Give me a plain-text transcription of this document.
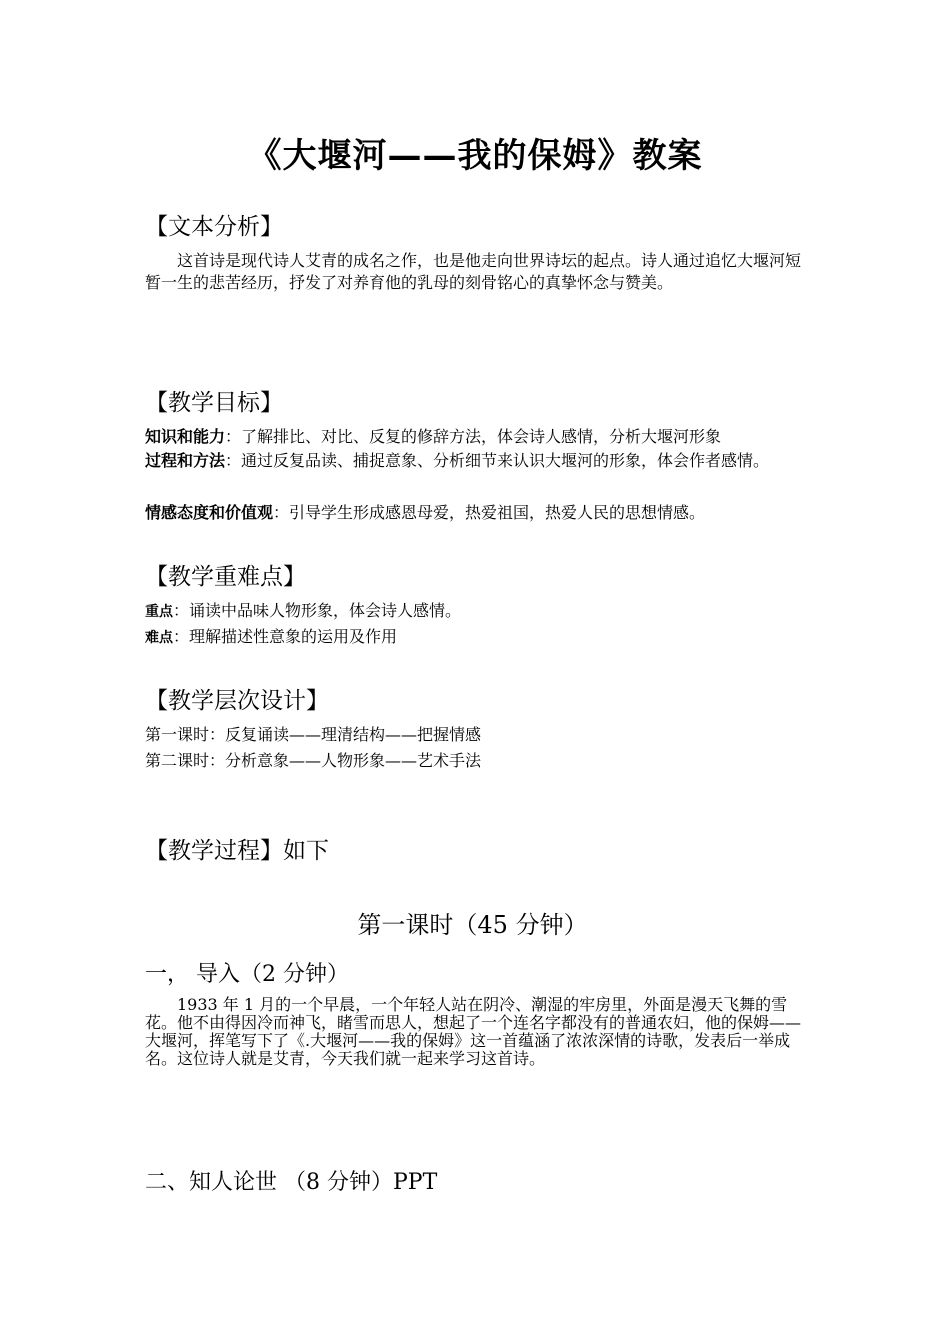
《大堰河——我的保姆》教案
【文本分析】

这首诗是现代诗人艾青的成名之作，也是他走向世界诗坛的起点。诗人通过追忆大堰河短暂一生的悲苦经历，抒发了对养育他的乳母的刻骨铭心的真挚怀念与赞美。

【教学目标】
知识和能力：了解排比、对比、反复的修辞方法，体会诗人感情，分析大堰河形象
过程和方法：通过反复品读、捕捉意象、分析细节来认识大堰河的形象，体会作者感情。
情感态度和价值观：引导学生形成感恩母爱，热爱祖国，热爱人民的思想情感。
【教学重难点】
重点：诵读中品味人物形象，体会诗人感情。
难点：理解描述性意象的运用及作用
【教学层次设计】
第一课时：反复诵读——理清结构——把握情感
第二课时：分析意象——人物形象——艺术手法
【教学过程】如下
第一课时（45 分钟）
一， 导入（2 分钟）

1933 年 1 月的一个早晨，一个年轻人站在阴冷、潮湿的牢房里，外面是漫天飞舞的雪花。他不由得因冷而神飞，睹雪而思人，想起了一个连名字都没有的普通农妇，他的保姆——大堰河，挥笔写下了《.大堰河——我的保姆》这一首蕴涵了浓浓深情的诗歌，发表后一举成名。这位诗人就是艾青，今天我们就一起来学习这首诗。

二、知人论世 （8 分钟）PPT
